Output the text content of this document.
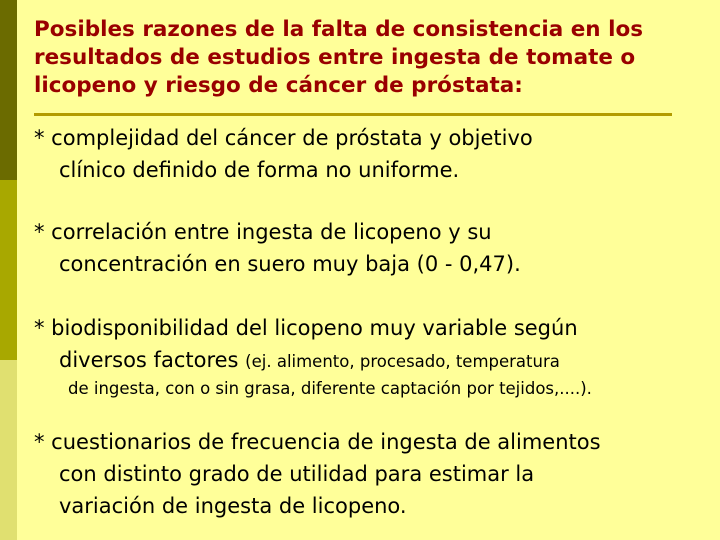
Posibles razones de la falta de consistencia en los resultados de estudios entre ingesta de tomate o licopeno y riesgo de cáncer de próstata:

* complejidad del cáncer de próstata y objetivo

clínico definido de forma no uniforme.

* correlación entre ingesta de licopeno y su

concentración en suero muy baja (0 - 0,47).

* biodisponibilidad del licopeno muy variable según

diversos factores (ej. alimento, procesado, temperatura

de ingesta, con o sin grasa, diferente captación por tejidos,....).

* cuestionarios de frecuencia de ingesta de alimentos

con distinto grado de utilidad para estimar la

variación de ingesta de licopeno.
